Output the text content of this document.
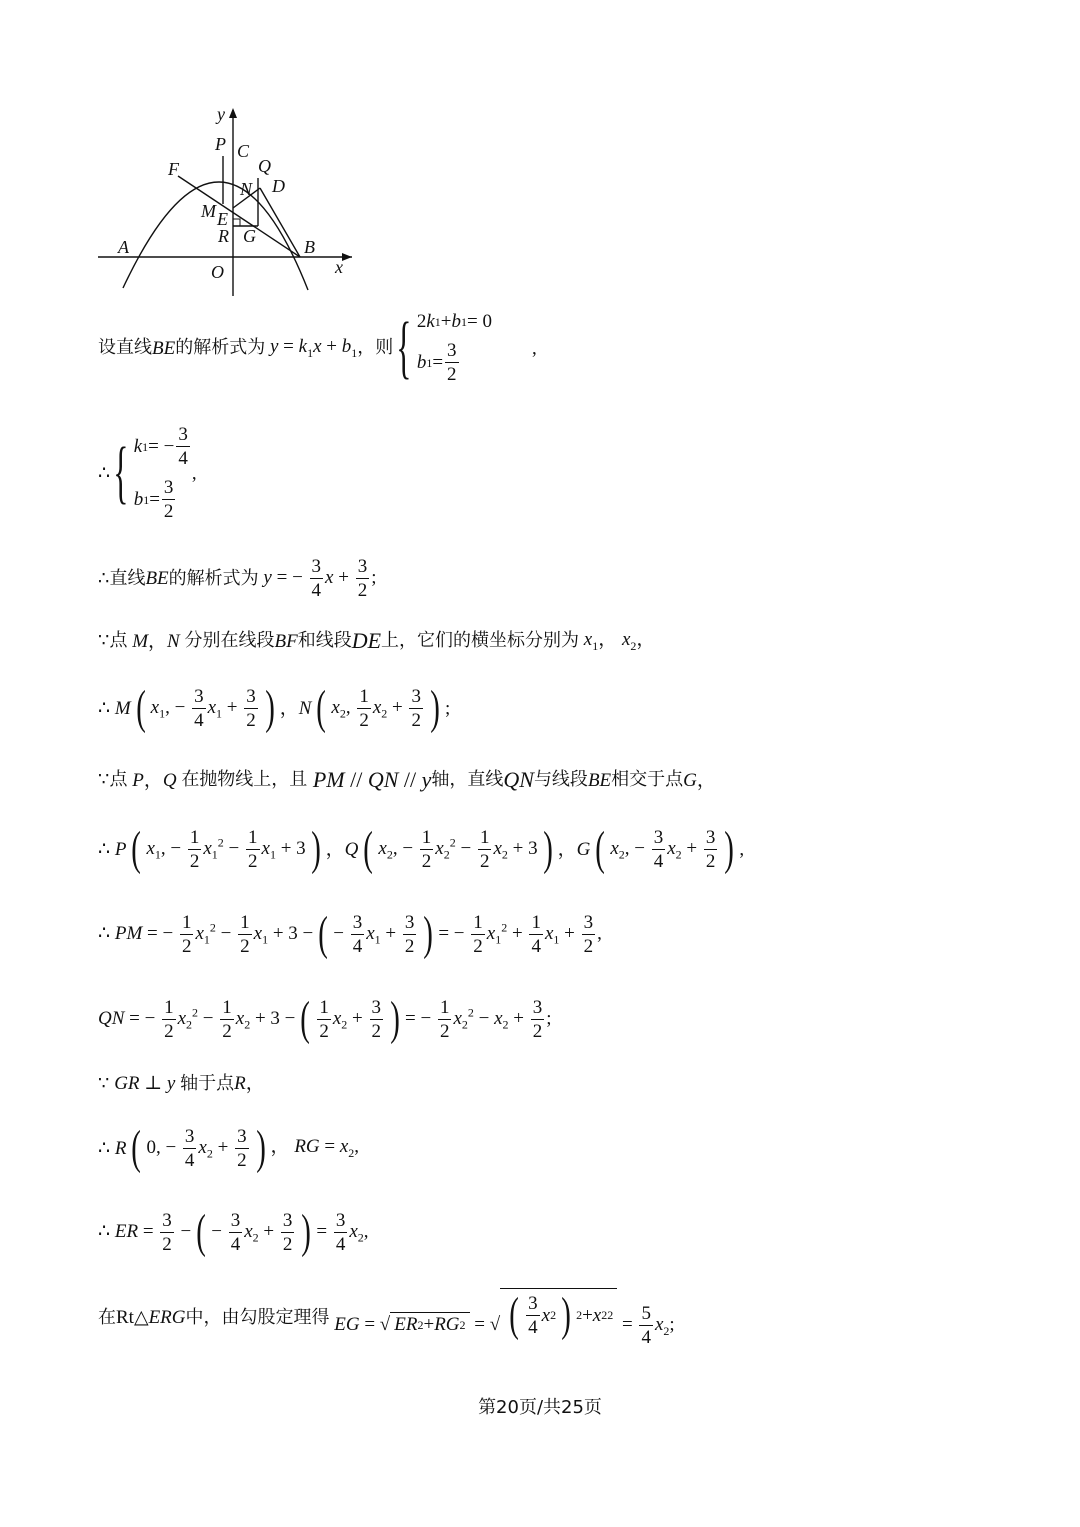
y
P C
Q
F
N D
M E
R G
A	B
O	x
设直线 BE 的解析式为 $y = k_1x + b_1$ ，则 { 2 k 1 + b 1 = 0
b $1 = \frac{3}{2}$	,
∴ { k 1 = − $\frac{3}{4}$
b $1 = \frac{3}{2}$
,
∴直线 BE 的解析式为 y = − $\frac{3}{4}$ $x + \frac{3}{2}$ ;
∵点 M，N 分别在线段 BF 和线段 DE 上，它们的横坐标分别为 $x_1$， $x_2$，
∴ M ( $x_1$, − $\frac{3}{4} x_1 + \frac{3}{2}$ ) ，N ( $x_2$, $\frac{1}{2} x_2 + \frac{3}{2}$ ) ;
∵点 P，Q 在抛物线上，且 PM // QN // y 轴，直线 QN 与线段 BE 相交于点 G ，
∴ P ( $x_1$, − $\frac{1}{2} x_1^2 - \frac{1}{2} x_1 + 3$ ) ，Q ( $x_2$, − $\frac{1}{2} x_2^2 - \frac{1}{2} x_2 + 3$ ) ，G ( $x_2$, − $\frac{3}{4} x_2 + \frac{3}{2}$ ) ,
∴ PM = − $\frac{1}{2} x_1^2 - \frac{1}{2} x_1 + 3$ − ( − $\frac{3}{4} x_1 + \frac{3}{2}$ ) = − $\frac{1}{2} x_1^2 + \frac{1}{4} x_1 + \frac{3}{2}$ ,
QN = − $\frac{1}{2} x_2^2 - \frac{1}{2} x_2 + 3$ − ( $\frac{1}{2} x_2 + \frac{3}{2}$ ) = − $\frac{1}{2} x_2^2 - x_2 + \frac{3}{2}$ ;
∵ GR ⊥ y 轴于点 R ，
∴ R ( 0, − $\frac{3}{4} x_2 + \frac{3}{2}$ ) ， RG = $x_2$,
∴ ER = $\frac{3}{2}$ − ( − $\frac{3}{4} x_2 + \frac{3}{2}$ ) = $\frac{3}{4} x_2$,
在 Rt△ ERG 中，由勾股定理得 EG = √ ER 2 + RG 2 = √ ( $\frac{3}{4}$ x 2 ) 2 + x 2 $2 = \frac{5}{4} x_2$;
第20页/共25页
